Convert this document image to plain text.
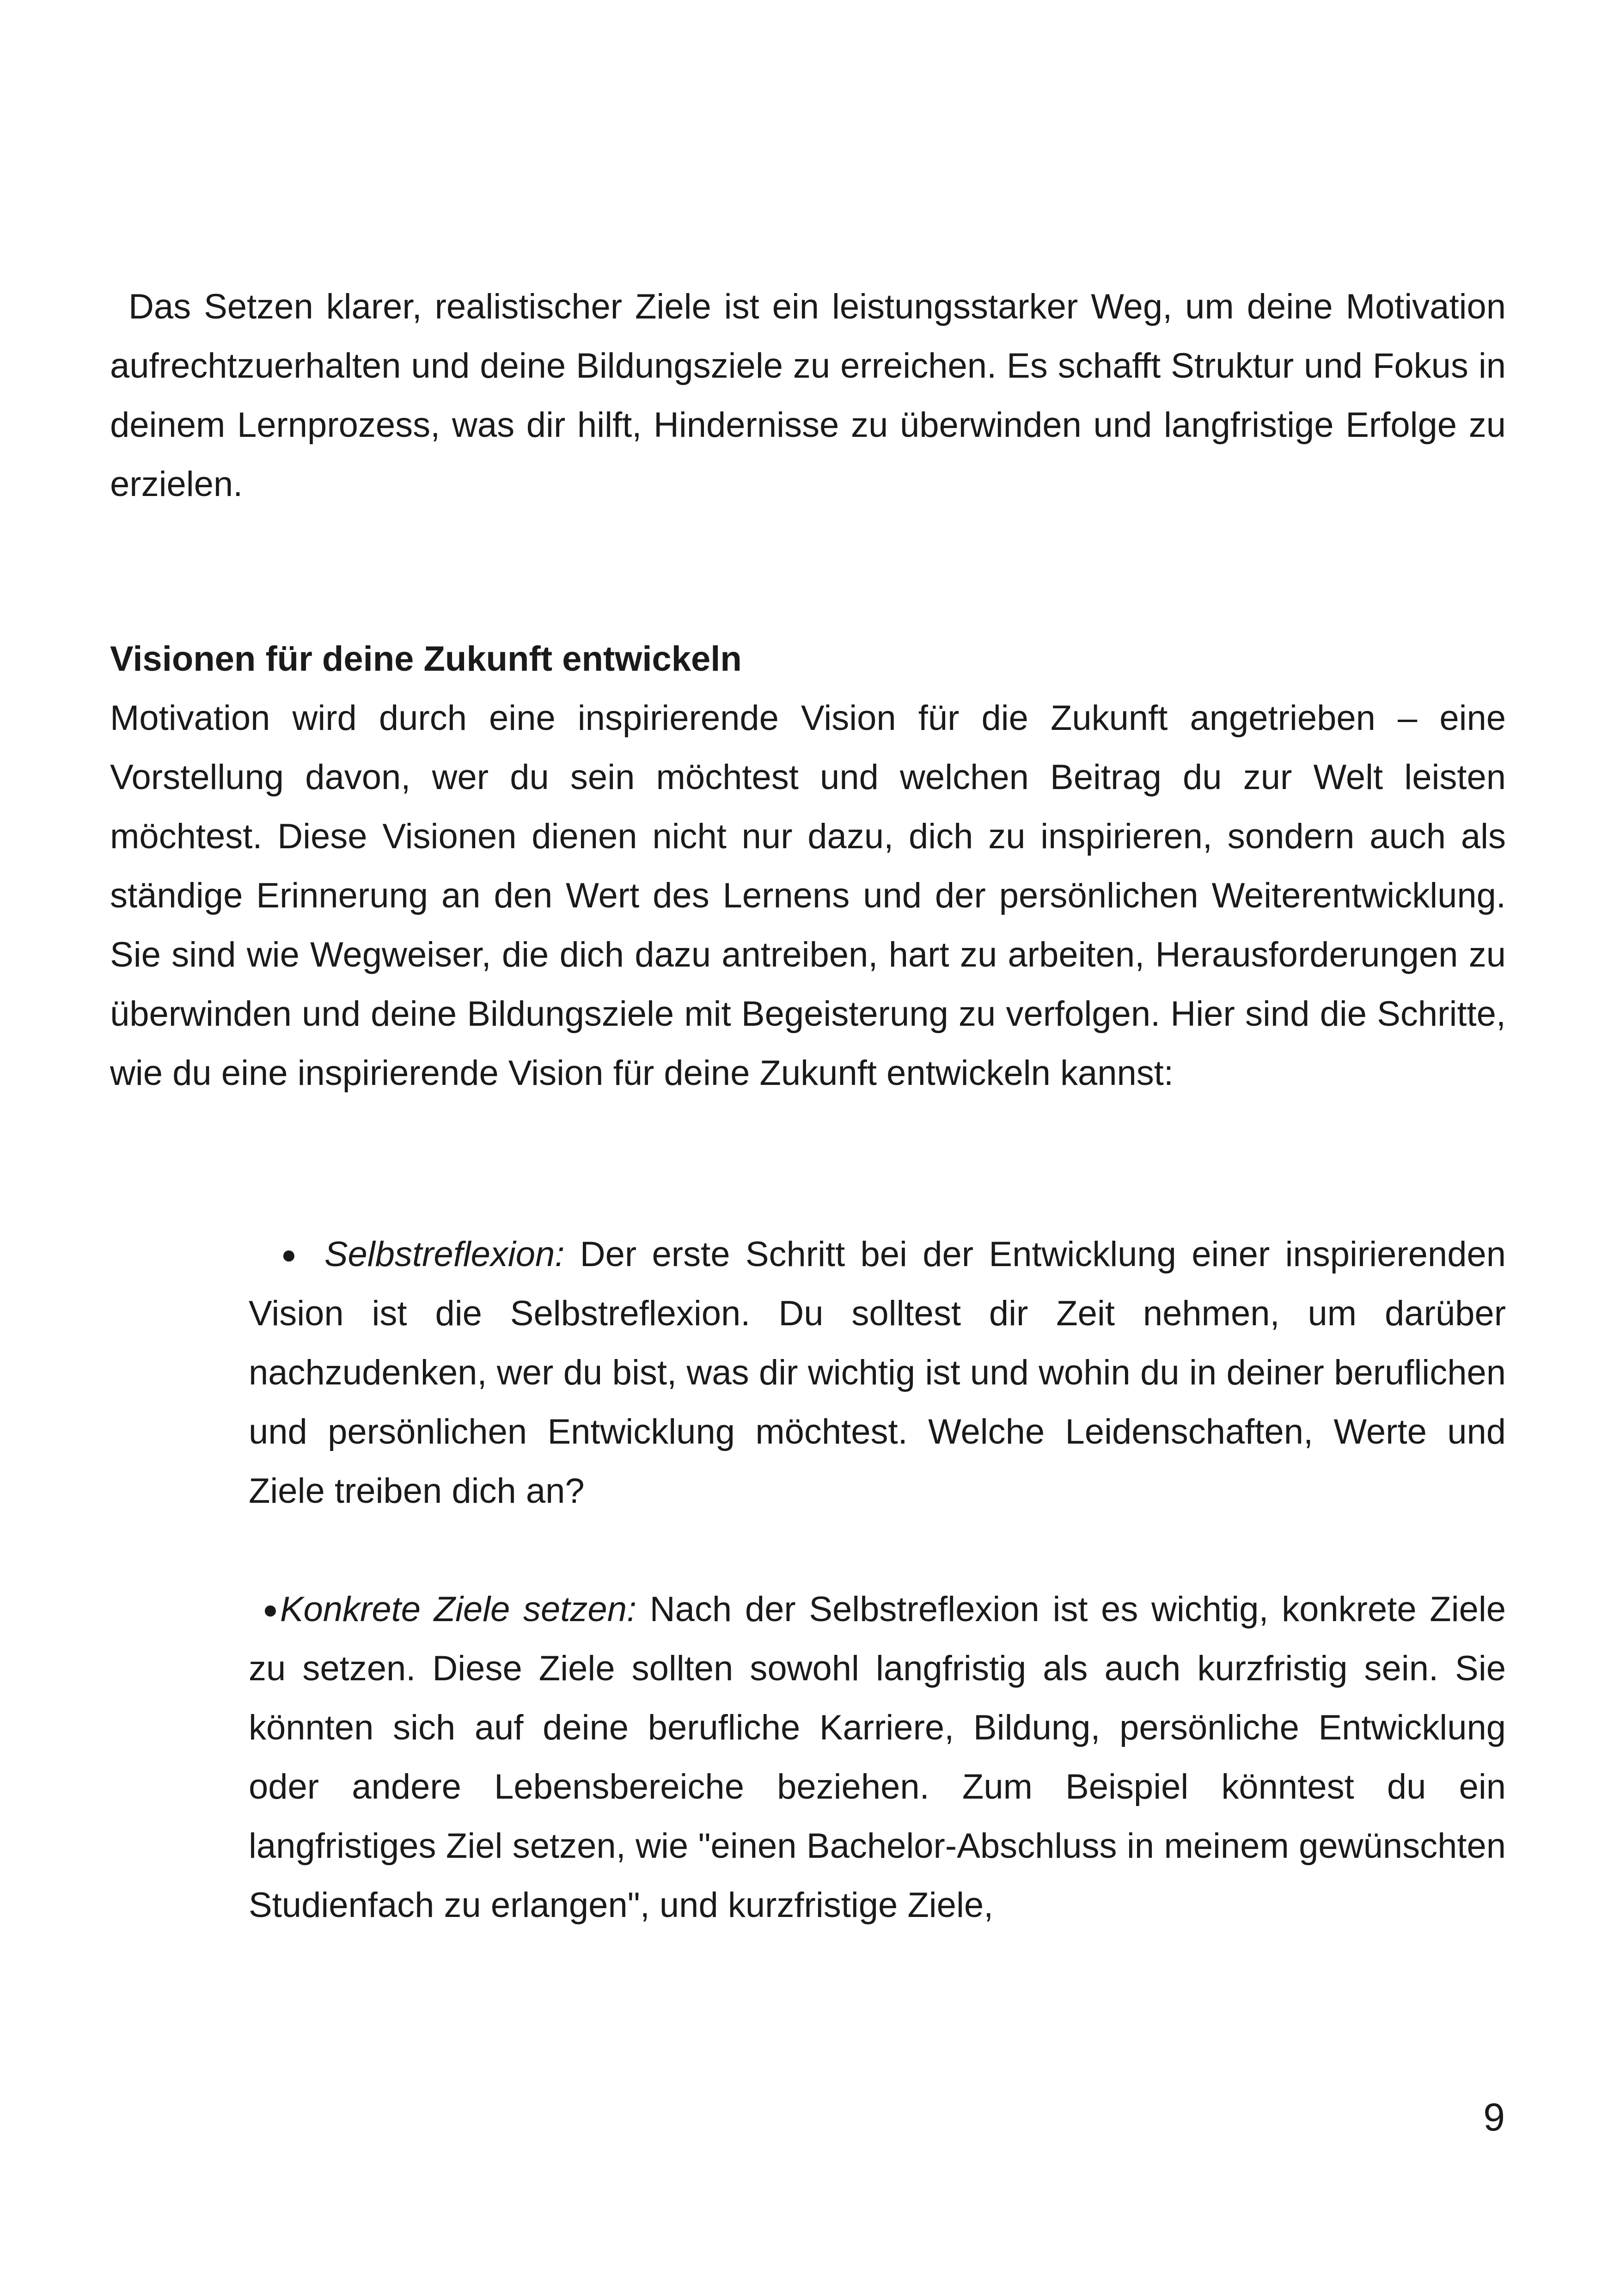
Das Setzen klarer, realistischer Ziele ist ein leistungsstarker Weg, um deine Motivation aufrechtzuerhalten und deine Bildungsziele zu erreichen. Es schafft Struktur und Fokus in deinem Lernprozess, was dir hilft, Hindernisse zu überwinden und langfristige Erfolge zu erzielen.

Visionen für deine Zukunft entwickeln

Motivation wird durch eine inspirierende Vision für die Zukunft angetrieben – eine Vorstellung davon, wer du sein möchtest und welchen Beitrag du zur Welt leisten möchtest. Diese Visionen dienen nicht nur dazu, dich zu inspirieren, sondern auch als ständige Erinnerung an den Wert des Lernens und der persönlichen Weiterentwicklung. Sie sind wie Wegweiser, die dich dazu antreiben, hart zu arbeiten, Herausforderungen zu überwinden und deine Bildungsziele mit Begeisterung zu verfolgen. Hier sind die Schritte, wie du eine inspirierende Vision für deine Zukunft entwickeln kannst:

● Selbstreflexion: Der erste Schritt bei der Entwicklung einer inspirierenden Vision ist die Selbstreflexion. Du solltest dir Zeit nehmen, um darüber nachzudenken, wer du bist, was dir wichtig ist und wohin du in deiner beruflichen und persönlichen Entwicklung möchtest. Welche Leidenschaften, Werte und Ziele treiben dich an?

●Konkrete Ziele setzen: Nach der Selbstreflexion ist es wichtig, konkrete Ziele zu setzen. Diese Ziele sollten sowohl langfristig als auch kurzfristig sein. Sie könnten sich auf deine berufliche Karriere, Bildung, persönliche Entwicklung oder andere Lebensbereiche beziehen. Zum Beispiel könntest du ein langfristiges Ziel setzen, wie "einen Bachelor-Abschluss in meinem gewünschten Studienfach zu erlangen", und kurzfristige Ziele,

9
